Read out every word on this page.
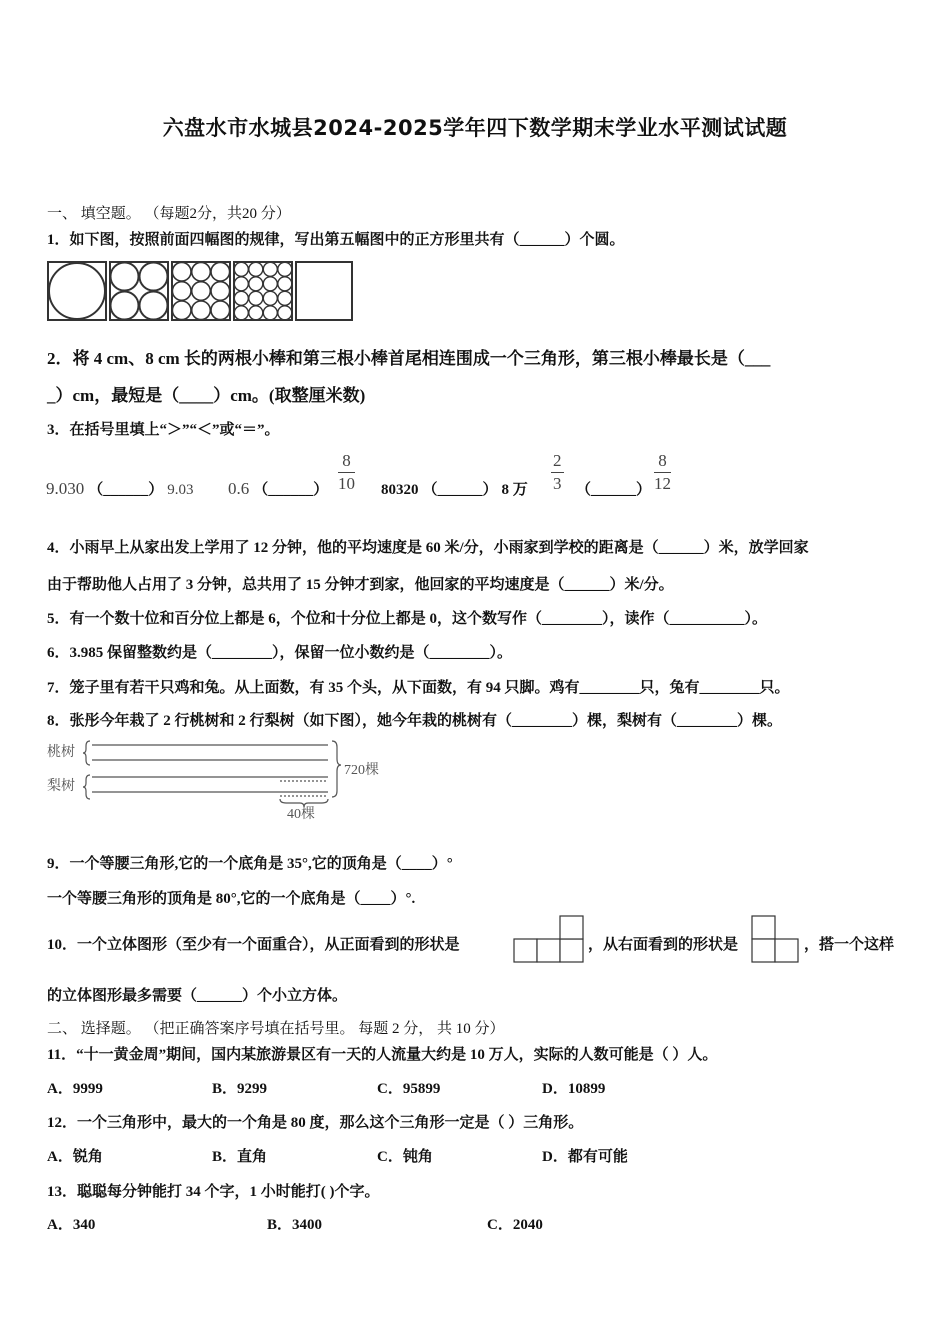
六盘水市水城县2024-2025学年四下数学期末学业水平测试试题
一、 填空题。 （每题2分，共20 分）
1．如下图，按照前面四幅图的规律，写出第五幅图中的正方形里共有（______）个圆。
2．将 4 cm、8 cm 长的两根小棒和第三根小棒首尾相连围成一个三角形，第三根小棒最长是（___
_）cm，最短是（____）cm。(取整厘米数)
3．在括号里填上“＞”“＜”或“＝”。
9.030 （______） 9.03 0.6 （______） $\frac{8}{10} 80320$ （______） 8 万 $\frac{2}{3}$ （______） $\frac{8}{12}$
4．小雨早上从家出发上学用了 12 分钟，他的平均速度是 60 米/分，小雨家到学校的距离是（______）米，放学回家
由于帮助他人占用了 3 分钟，总共用了 15 分钟才到家，他回家的平均速度是（______）米/分。
5．有一个数十位和百分位上都是 6，个位和十分位上都是 0，这个数写作（________），读作（__________）。
6．3.985 保留整数约是（________），保留一位小数约是（________）。
7．笼子里有若干只鸡和兔。从上面数，有 35 个头，从下面数，有 94 只脚。鸡有________只，兔有________只。
8．张彤今年栽了 2 行桃树和 2 行梨树（如下图），她今年栽的桃树有（________）棵，梨树有（________）棵。
桃树
梨树
720棵
40棵
9．一个等腰三角形,它的一个底角是 35°,它的顶角是（____）°
一个等腰三角形的顶角是 80°,它的一个底角是（____）°.
10．一个立体图形（至少有一个面重合），从正面看到的形状是	，从右面看到的形状是	，搭一个这样
的立体图形最多需要（______）个小立方体。
二、 选择题。 （把正确答案序号填在括号里。 每题 2 分， 共 10 分）
11．“十一黄金周”期间，国内某旅游景区有一天的人流量大约是 10 万人，实际的人数可能是（ ）人。
A．9999	B．9299	C．95899	D．10899
12．一个三角形中，最大的一个角是 80 度，那么这个三角形一定是（ ）三角形。
A．锐角	B．直角	C．钝角	D．都有可能
13．聪聪每分钟能打 34 个字，1 小时能打( )个字。
A．340	B．3400	C．2040
